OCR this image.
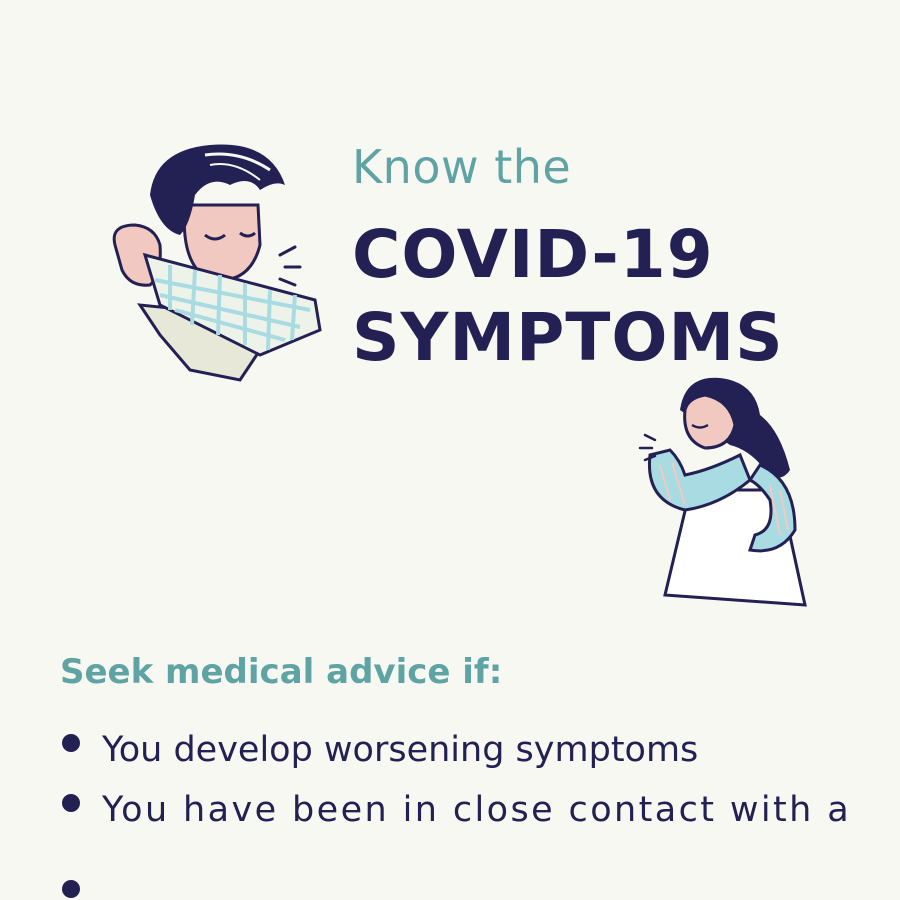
Know the
COVID-19
SYMPTOMS
Seek medical advice if:
You develop worsening symptoms
You have been in close contact with a
